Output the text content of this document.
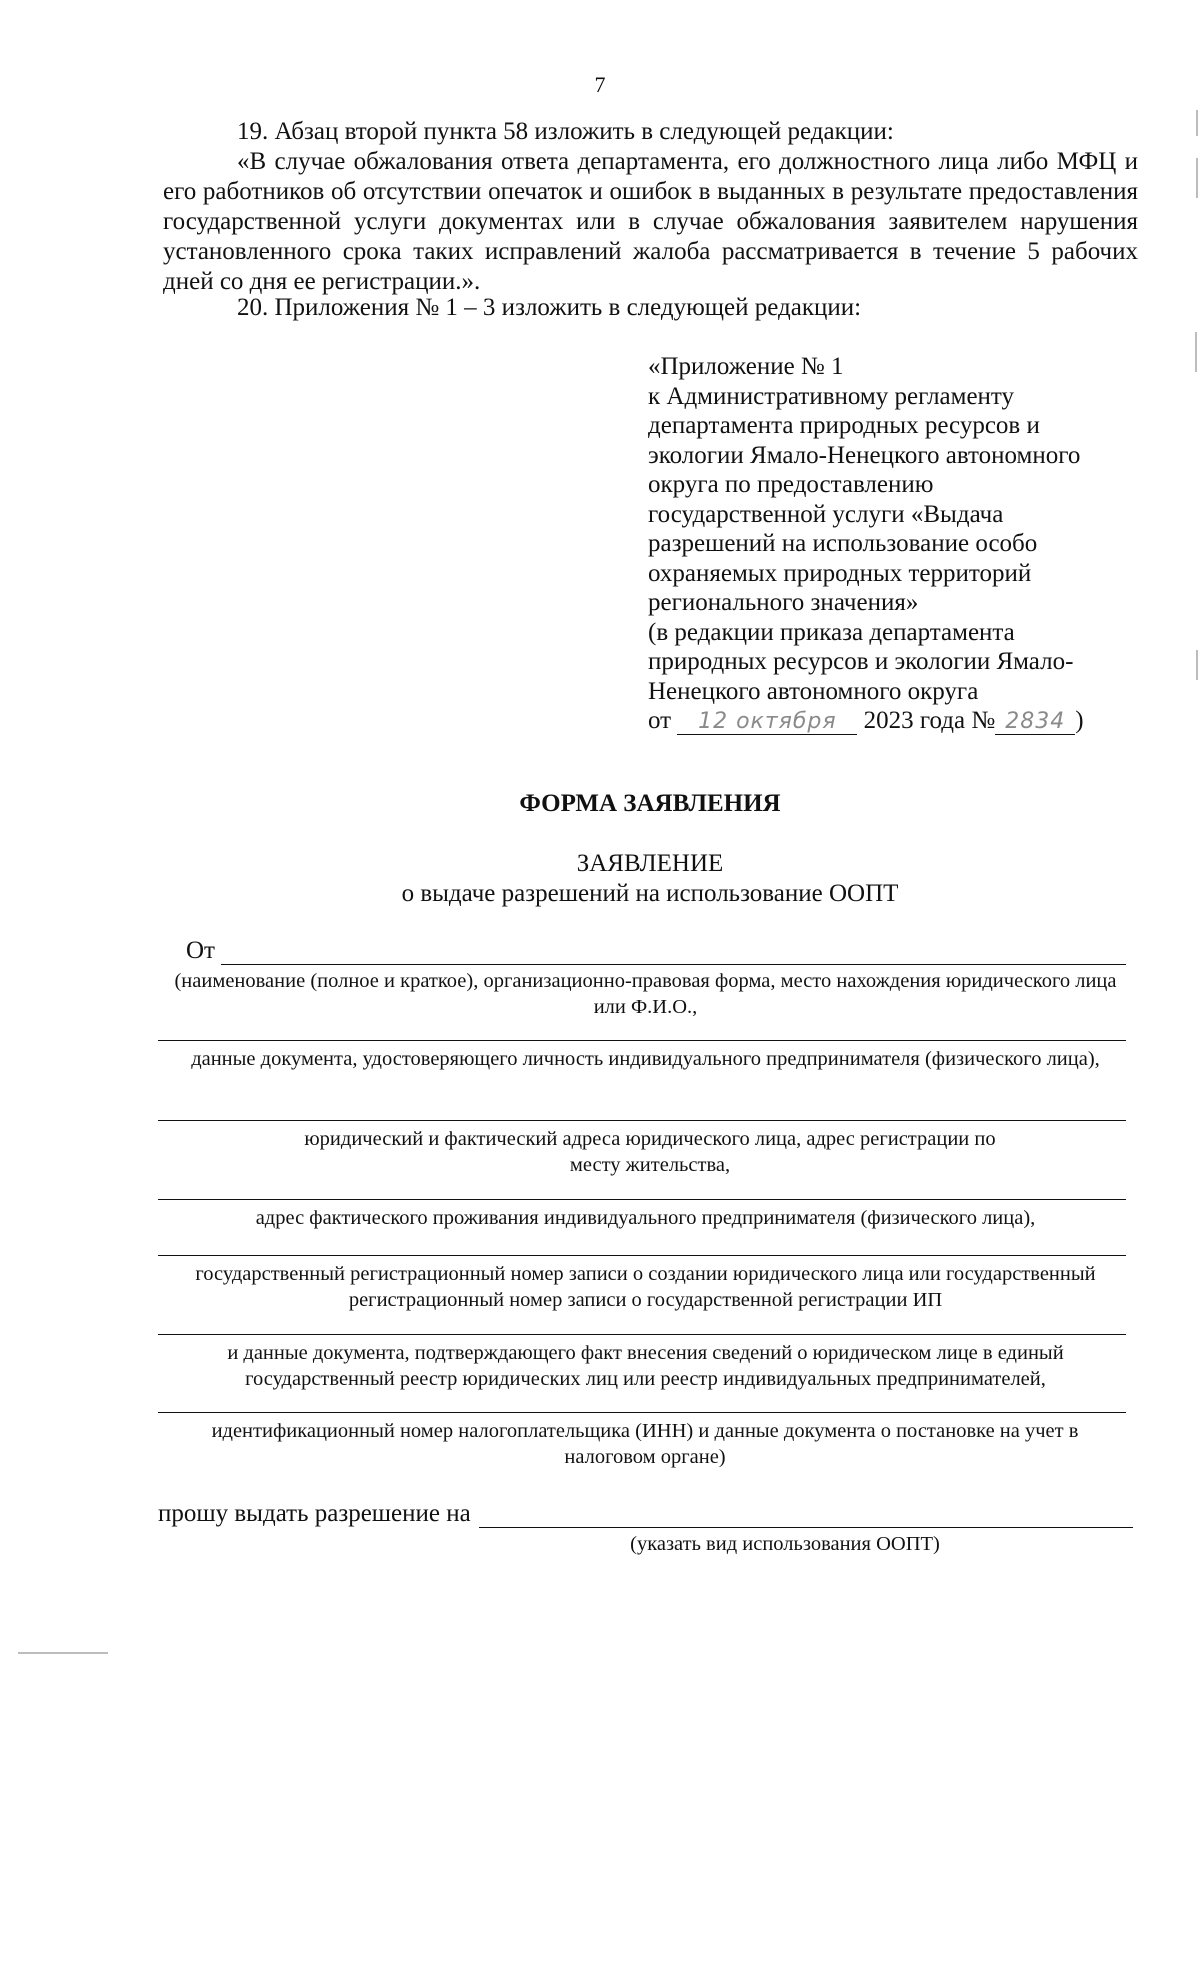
7
19. Абзац второй пункта 58 изложить в следующей редакции:
«В случае обжалования ответа департамента, его должностного лица либо МФЦ и его работников об отсутствии опечаток и ошибок в выданных в результате предоставления государственной услуги документах или в случае обжалования заявителем нарушения установленного срока таких исправлений жалоба рассматривается в течение 5 рабочих дней со дня ее регистрации.».
20. Приложения № 1 – 3 изложить в следующей редакции:
«Приложение № 1
к Административному регламенту
департамента природных ресурсов и
экологии Ямало-Ненецкого автономного
округа по предоставлению
государственной услуги «Выдача
разрешений на использование особо
охраняемых природных территорий
регионального значения»
(в редакции приказа департамента
природных ресурсов и экологии Ямало-
Ненецкого автономного округа
от 12 октября 2023 года № 2834 )
ФОРМА ЗАЯВЛЕНИЯ
ЗАЯВЛЕНИЕ
о выдаче разрешений на использование ООПТ
От
(наименование (полное и краткое), организационно-правовая форма, место нахождения юридического лица или Ф.И.О.,
данные документа, удостоверяющего личность индивидуального предпринимателя (физического лица),
юридический и фактический адреса юридического лица, адрес регистрации по месту жительства,
адрес фактического проживания индивидуального предпринимателя (физического лица),
государственный регистрационный номер записи о создании юридического лица или государственный регистрационный номер записи о государственной регистрации ИП
и данные документа, подтверждающего факт внесения сведений о юридическом лице в единый государственный реестр юридических лиц или реестр индивидуальных предпринимателей,
идентификационный номер налогоплательщика (ИНН) и данные документа о постановке на учет в налоговом органе)
прошу выдать разрешение на
(указать вид использования ООПТ)
